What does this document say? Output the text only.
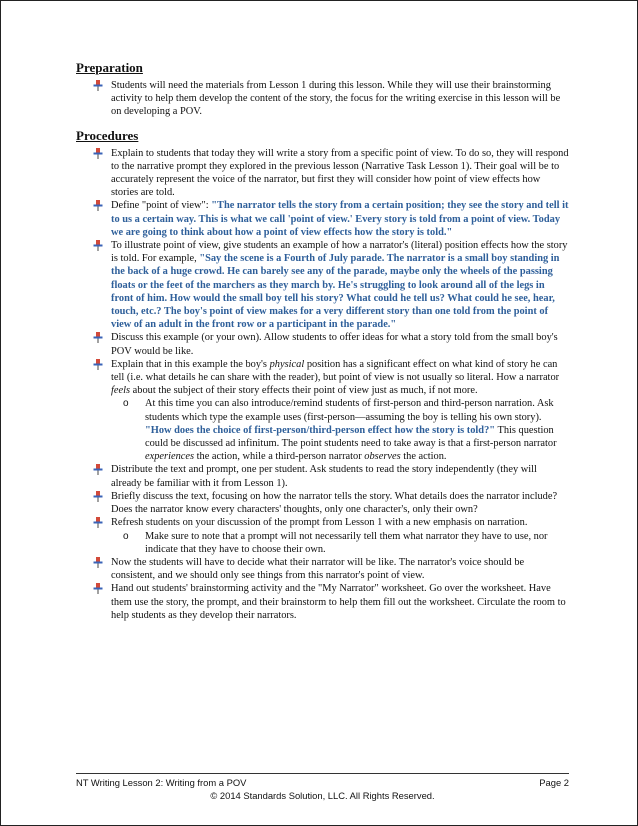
Preparation
Students will need the materials from Lesson 1 during this lesson. While they will use their brainstorming activity to help them develop the content of the story, the focus for the writing exercise in this lesson will be on developing a POV.
Procedures
Explain to students that today they will write a story from a specific point of view. To do so, they will respond to the narrative prompt they explored in the previous lesson (Narrative Task Lesson 1). Their goal will be to accurately represent the voice of the narrator, but first they will consider how point of view effects how stories are told.
Define "point of view": "The narrator tells the story from a certain position; they see the story and tell it to us a certain way. This is what we call 'point of view.' Every story is told from a point of view. Today we are going to think about how a point of view effects how the story is told."
To illustrate point of view, give students an example of how a narrator's (literal) position effects how the story is told. For example, "Say the scene is a Fourth of July parade. The narrator is a small boy standing in the back of a huge crowd. He can barely see any of the parade, maybe only the wheels of the passing floats or the feet of the marchers as they march by. He's struggling to look around all of the legs in front of him. How would the small boy tell his story? What could he tell us? What could he see, hear, touch, etc.? The boy's point of view makes for a very different story than one told from the point of view of an adult in the front row or a participant in the parade."
Discuss this example (or your own). Allow students to offer ideas for what a story told from the small boy's POV would be like.
Explain that in this example the boy's physical position has a significant effect on what kind of story he can tell (i.e. what details he can share with the reader), but point of view is not usually so literal. How a narrator feels about the subject of their story effects their point of view just as much, if not more.
o At this time you can also introduce/remind students of first-person and third-person narration. Ask students which type the example uses (first-person—assuming the boy is telling his own story). "How does the choice of first-person/third-person effect how the story is told?" This question could be discussed ad infinitum. The point students need to take away is that a first-person narrator experiences the action, while a third-person narrator observes the action.
Distribute the text and prompt, one per student. Ask students to read the story independently (they will already be familiar with it from Lesson 1).
Briefly discuss the text, focusing on how the narrator tells the story. What details does the narrator include? Does the narrator know every characters' thoughts, only one character's, only their own?
Refresh students on your discussion of the prompt from Lesson 1 with a new emphasis on narration.
o Make sure to note that a prompt will not necessarily tell them what narrator they have to use, nor indicate that they have to choose their own.
Now the students will have to decide what their narrator will be like. The narrator's voice should be consistent, and we should only see things from this narrator's point of view.
Hand out students' brainstorming activity and the "My Narrator" worksheet. Go over the worksheet. Have them use the story, the prompt, and their brainstorm to help them fill out the worksheet. Circulate the room to help students as they develop their narrators.
NT Writing Lesson 2: Writing from a POV	Page 2
© 2014 Standards Solution, LLC. All Rights Reserved.
